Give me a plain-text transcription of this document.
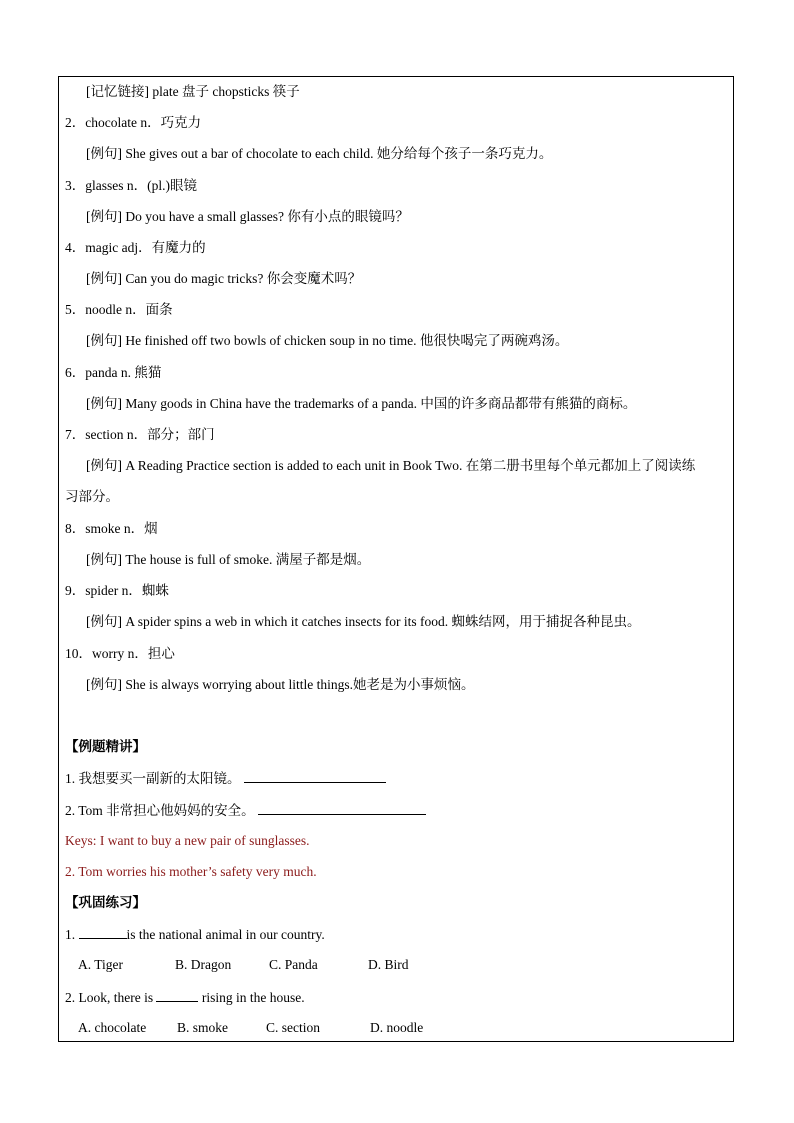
[记忆链接] plate 盘子 chopsticks 筷子
2．chocolate n．巧克力
[例句] She gives out a bar of chocolate to each child. 她分给每个孩子一条巧克力。
3．glasses n．(pl.)眼镜
[例句] Do you have a small glasses? 你有小点的眼镜吗？
4．magic adj．有魔力的
[例句] Can you do magic tricks? 你会变魔术吗？
5．noodle n．面条
[例句] He finished off two bowls of chicken soup in no time. 他很快喝完了两碗鸡汤。
6．panda n. 熊猫
[例句] Many goods in China have the trademarks of a panda. 中国的许多商品都带有熊猫的商标。
7．section n．部分；部门
[例句] A Reading Practice section is added to each unit in Book Two. 在第二册书里每个单元都加上了阅读练
习部分。
8．smoke n．烟
[例句] The house is full of smoke. 满屋子都是烟。
9．spider n．蜘蛛
[例句] A spider spins a web in which it catches insects for its food. 蜘蛛结网，用于捕捉各种昆虫。
10．worry n．担心
[例句] She is always worrying about little things.她老是为小事烦恼。
【例题精讲】
1. 我想要买一副新的太阳镜。
2. Tom 非常担心他妈妈的安全。
Keys: I want to buy a new pair of sunglasses.
2. Tom worries his mother’s safety very much.
【巩固练习】
1.	is the national animal in our country.
A. Tiger	B. Dragon	C. Panda	D. Bird
2. Look, there is	rising in the house.
A. chocolate B. smoke	C. section	D. noodle
